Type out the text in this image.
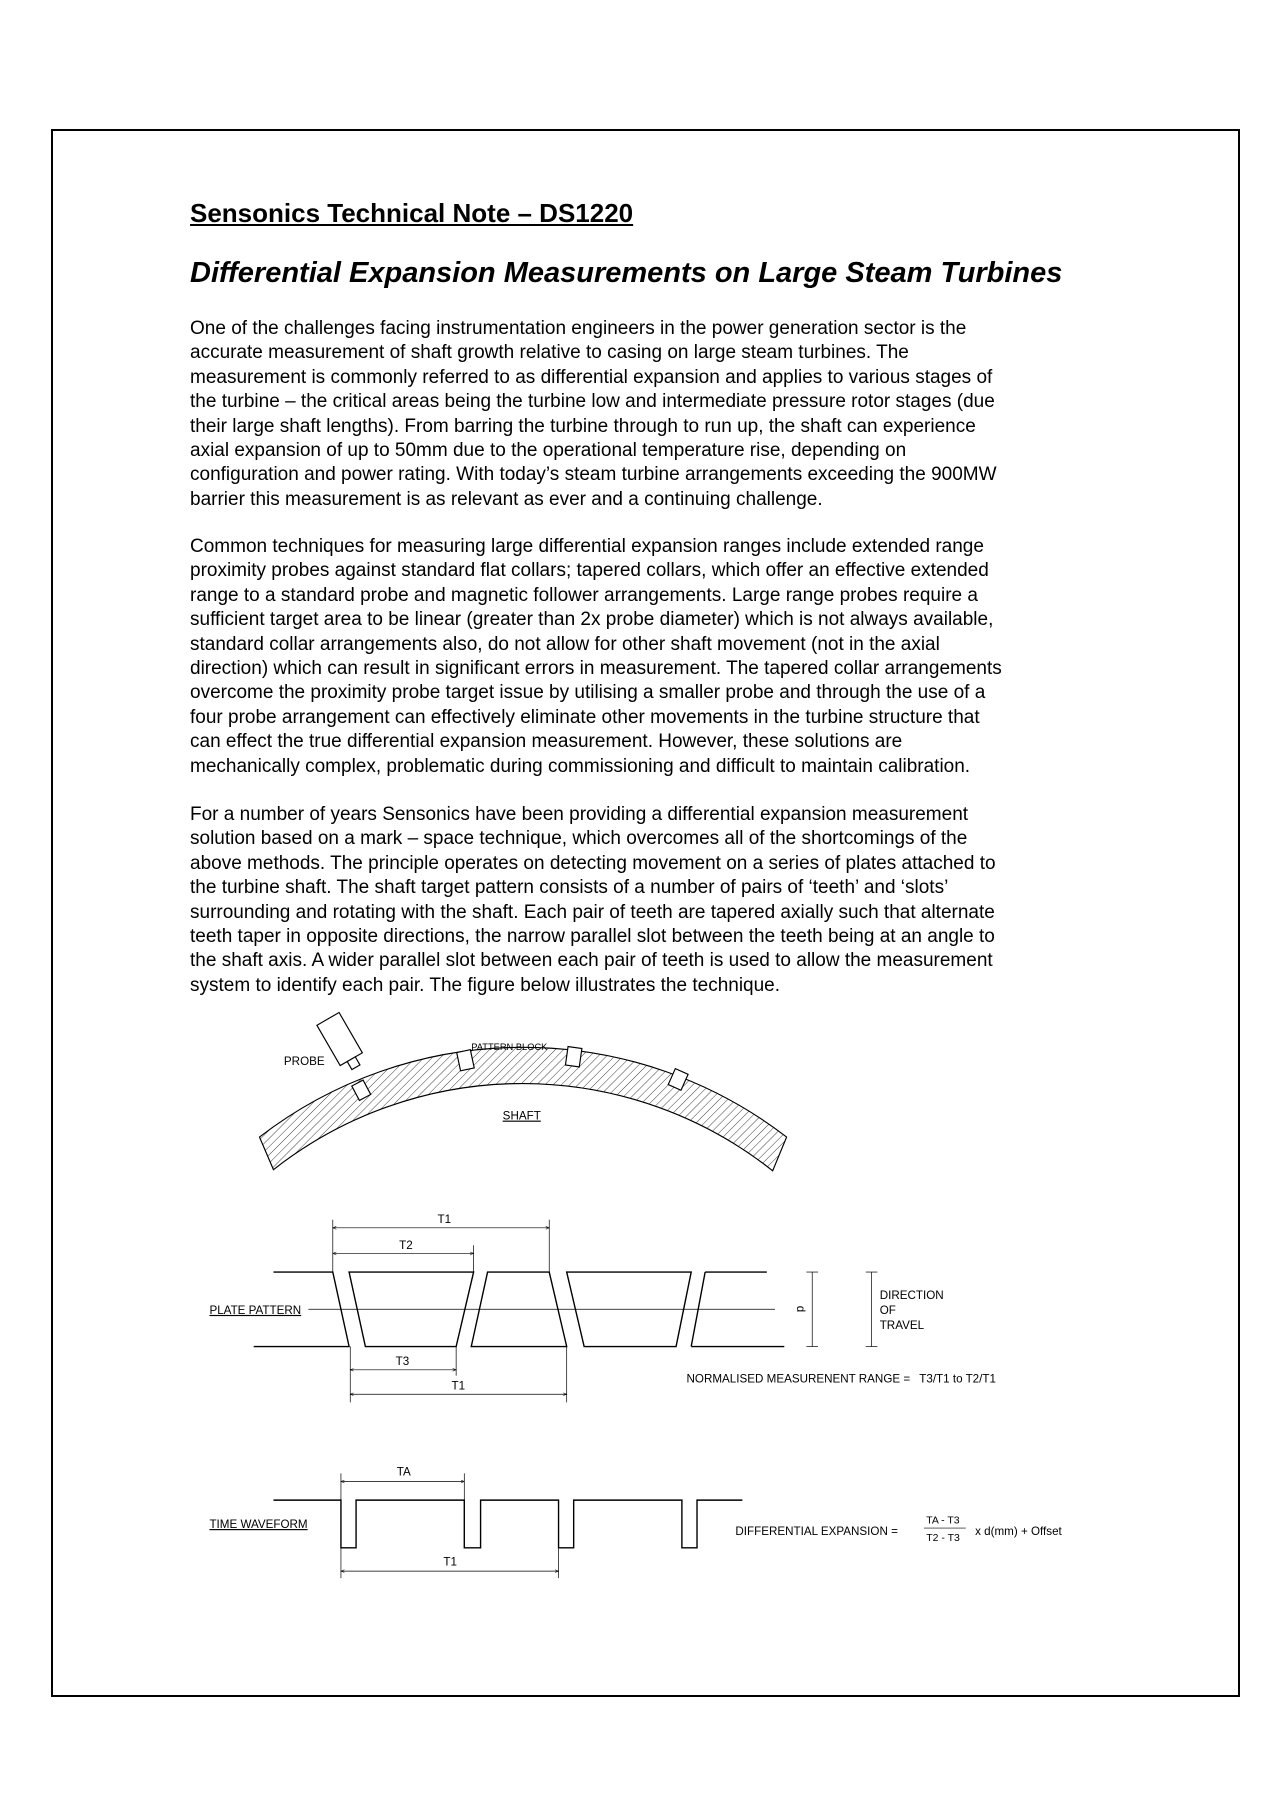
Sensonics Technical Note – DS1220
Differential Expansion Measurements on Large Steam Turbines
One of the challenges facing instrumentation engineers in the power generation sector is the
accurate measurement of shaft growth relative to casing on large steam turbines. The
measurement is commonly referred to as differential expansion and applies to various stages of
the turbine – the critical areas being the turbine low and intermediate pressure rotor stages (due
their large shaft lengths). From barring the turbine through to run up, the shaft can experience
axial expansion of up to 50mm due to the operational temperature rise, depending on
configuration and power rating. With today’s steam turbine arrangements exceeding the 900MW
barrier this measurement is as relevant as ever and a continuing challenge.
Common techniques for measuring large differential expansion ranges include extended range
proximity probes against standard flat collars; tapered collars, which offer an effective extended
range to a standard probe and magnetic follower arrangements. Large range probes require a
sufficient target area to be linear (greater than 2x probe diameter) which is not always available,
standard collar arrangements also, do not allow for other shaft movement (not in the axial
direction) which can result in significant errors in measurement. The tapered collar arrangements
overcome the proximity probe target issue by utilising a smaller probe and through the use of a
four probe arrangement can effectively eliminate other movements in the turbine structure that
can effect the true differential expansion measurement. However, these solutions are
mechanically complex, problematic during commissioning and difficult to maintain calibration.
For a number of years Sensonics have been providing a differential expansion measurement
solution based on a mark – space technique, which overcomes all of the shortcomings of the
above methods. The principle operates on detecting movement on a series of plates attached to
the turbine shaft. The shaft target pattern consists of a number of pairs of ‘teeth’ and ‘slots’
surrounding and rotating with the shaft. Each pair of teeth are tapered axially such that alternate
teeth taper in opposite directions, the narrow parallel slot between the teeth being at an angle to
the shaft axis. A wider parallel slot between each pair of teeth is used to allow the measurement
system to identify each pair. The figure below illustrates the technique.
PROBE
PATTERN BLOCK
SHAFT
PLATE PATTERN
T1
T2
T3
T1
d
DIRECTION
OF
TRAVEL
NORMALISED MEASURENENT RANGE = T3/T1 to T2/T1
TIME WAVEFORM
TA
T1
DIFFERENTIAL EXPANSION =
TA - T3
T2 - T3
x d(mm) + Offset
